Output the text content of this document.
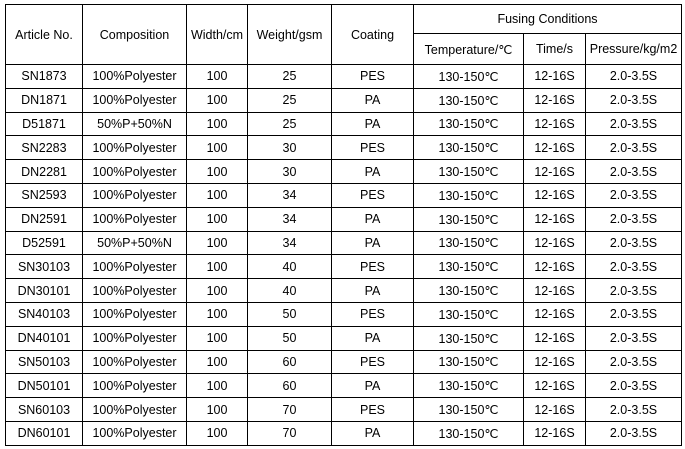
Article No.	Composition	Width/cm	Weight/gsm	Coating	Fusing Conditions		
					Temperature/℃	Time/s	Pressure/kg/m2
SN1873	100%Polyester	100	25	PES	130-150℃	12-16S	2.0-3.5S
DN1871	100%Polyester	100	25	PA	130-150℃	12-16S	2.0-3.5S
D51871	50%P+50%N	100	25	PA	130-150℃	12-16S	2.0-3.5S
SN2283	100%Polyester	100	30	PES	130-150℃	12-16S	2.0-3.5S
DN2281	100%Polyester	100	30	PA	130-150℃	12-16S	2.0-3.5S
SN2593	100%Polyester	100	34	PES	130-150℃	12-16S	2.0-3.5S
DN2591	100%Polyester	100	34	PA	130-150℃	12-16S	2.0-3.5S
D52591	50%P+50%N	100	34	PA	130-150℃	12-16S	2.0-3.5S
SN30103	100%Polyester	100	40	PES	130-150℃	12-16S	2.0-3.5S
DN30101	100%Polyester	100	40	PA	130-150℃	12-16S	2.0-3.5S
SN40103	100%Polyester	100	50	PES	130-150℃	12-16S	2.0-3.5S
DN40101	100%Polyester	100	50	PA	130-150℃	12-16S	2.0-3.5S
SN50103	100%Polyester	100	60	PES	130-150℃	12-16S	2.0-3.5S
DN50101	100%Polyester	100	60	PA	130-150℃	12-16S	2.0-3.5S
SN60103	100%Polyester	100	70	PES	130-150℃	12-16S	2.0-3.5S
DN60101	100%Polyester	100	70	PA	130-150℃	12-16S	2.0-3.5S
